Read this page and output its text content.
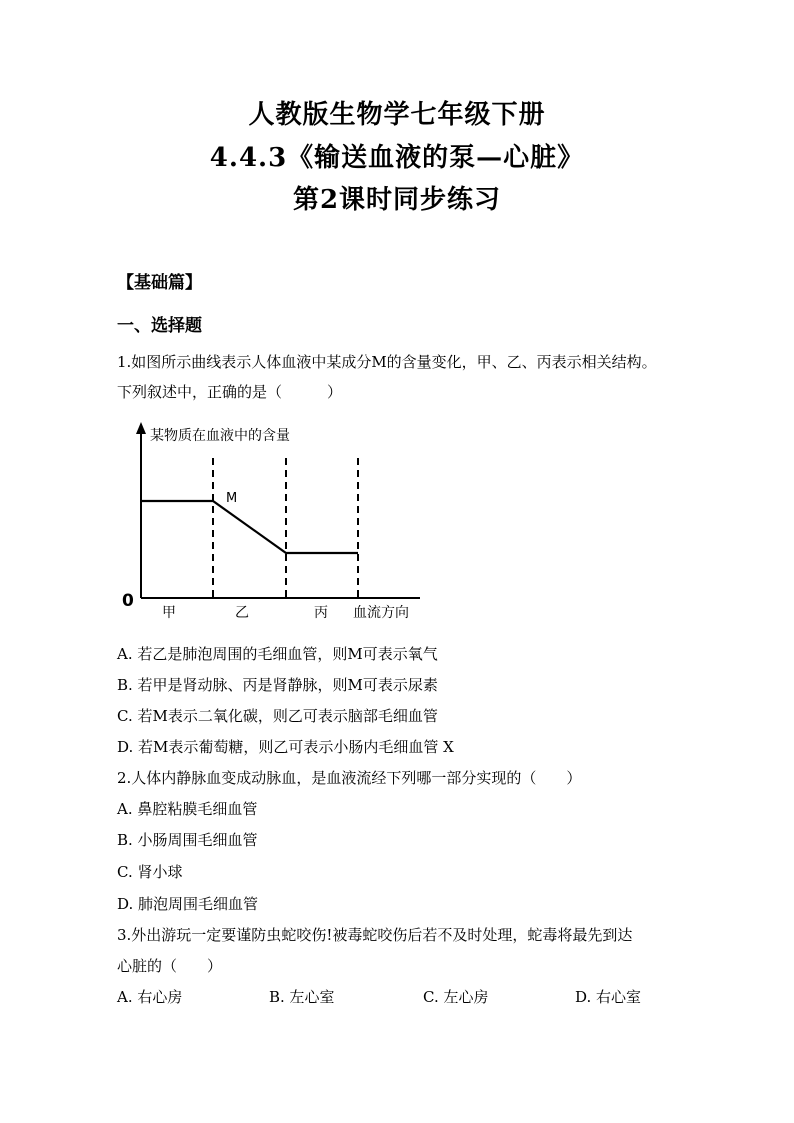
人教版生物学七年级下册
4.4.3《输送血液的泵—心脏》
第2课时同步练习
【基础篇】
一、选择题
1.如图所示曲线表示人体血液中某成分M的含量变化，甲、乙、丙表示相关结构。
下列叙述中，正确的是（　　　）
某物质在血液中的含量
M
0
甲	乙	丙 血流方向
A. 若乙是肺泡周围的毛细血管，则M可表示氧气
B. 若甲是肾动脉、丙是肾静脉，则M可表示尿素
C. 若M表示二氧化碳，则乙可表示脑部毛细血管
D. 若M表示葡萄糖，则乙可表示小肠内毛细血管 X
2.人体内静脉血变成动脉血，是血液流经下列哪一部分实现的（　　）
A. 鼻腔粘膜毛细血管
B. 小肠周围毛细血管
C. 肾小球
D. 肺泡周围毛细血管
3.外出游玩一定要谨防虫蛇咬伤!被毒蛇咬伤后若不及时处理，蛇毒将最先到达
心脏的（　　）
A. 右心房	B. 左心室	C. 左心房	D. 右心室
